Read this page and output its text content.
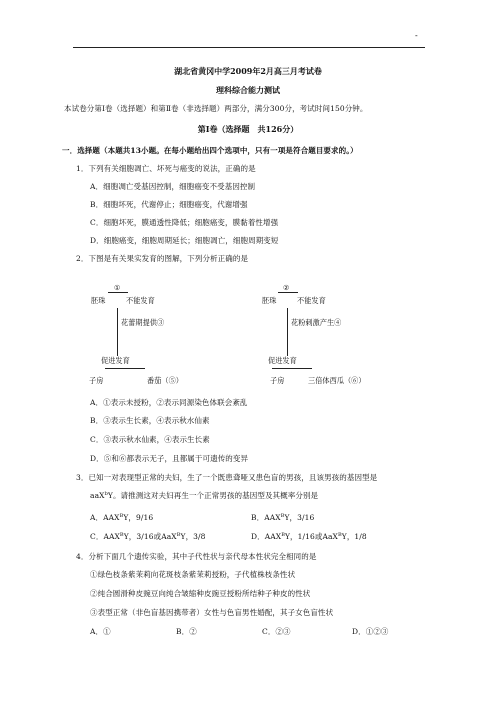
-
湖北省黄冈中学2009年2月高三月考试卷
理科综合能力测试
本试卷分第Ⅰ卷（选择题）和第Ⅱ卷（非选择题）两部分，满分300分，考试时间150分钟。
第Ⅰ卷（选择题　共126分）
一．选择题（本题共13小题。在每小题给出四个选项中，只有一项是符合题目要求的。）
1．下列有关细胞凋亡、坏死与癌变的说法，正确的是
A．细胞凋亡受基因控制，细胞癌变不受基因控制
B．细胞坏死，代谢停止；细胞癌变，代谢增强
C．细胞坏死，膜通透性降低；细胞癌变，膜黏着性增强
D．细胞癌变，细胞周期延长；细胞凋亡，细胞周期变短
2．下图是有关果实发育的图解，下列分析正确的是
①
胚珠	不能发育
花蕾期提供③
促进发育
子房	番茄（⑤）
②
胚珠	不能发育
花粉刺激产生④
促进发育
子房	三倍体西瓜（⑥）
A．①表示未授粉，②表示同源染色体联会紊乱
B．③表示生长素，④表示秋水仙素
C．③表示秋水仙素，④表示生长素
D．⑤和⑥都表示无子，且都属于可遗传的变异
3．已知一对表现型正常的夫妇，生了一个既患聋哑又患色盲的男孩，且该男孩的基因型是
aaX$^b$Y。请推测这对夫妇再生一个正常男孩的基因型及其概率分别是
A．$AAX^BY$，9/16	B．$AAX^BY$，3/16
C．$AAX^BY$，3/16或AaX$^B$Y，3/8	D．$AAX^BY$，1/16或AaX$^B$Y，1/8
4．分析下面几个遗传实验，其中子代性状与亲代母本性状完全相同的是
①绿色枝条紫茉莉向花斑枝条紫茉莉授粉，子代植株枝条性状
②纯合圆滑种皮豌豆向纯合皱缩种皮豌豆授粉所结种子种皮的性状
③表型正常（非色盲基因携带者）女性与色盲男性婚配，其子女色盲性状
A．①	B．②	C．②③	D．①②③
